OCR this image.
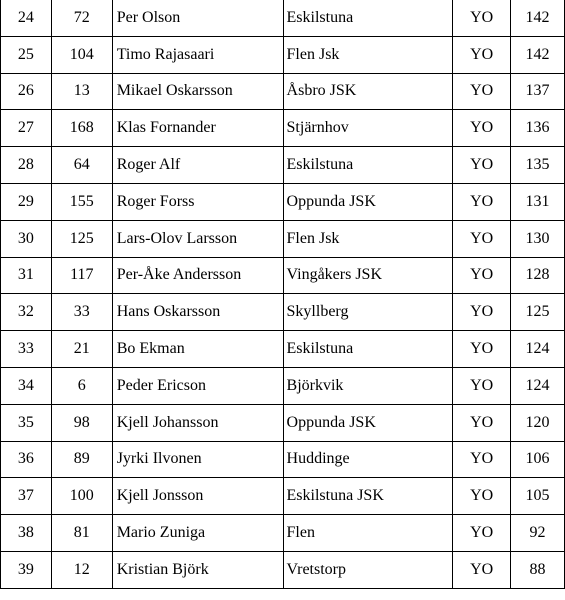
24	72	Per Olson	Eskilstuna	YO	142
25	104	Timo Rajasaari	Flen Jsk	YO	142
26	13	Mikael Oskarsson	Åsbro JSK	YO	137
27	168	Klas Fornander	Stjärnhov	YO	136
28	64	Roger Alf	Eskilstuna	YO	135
29	155	Roger Forss	Oppunda JSK	YO	131
30	125	Lars-Olov Larsson	Flen Jsk	YO	130
31	117	Per-Åke Andersson	Vingåkers JSK	YO	128
32	33	Hans Oskarsson	Skyllberg	YO	125
33	21	Bo Ekman	Eskilstuna	YO	124
34	6	Peder Ericson	Björkvik	YO	124
35	98	Kjell Johansson	Oppunda JSK	YO	120
36	89	Jyrki Ilvonen	Huddinge	YO	106
37	100	Kjell Jonsson	Eskilstuna JSK	YO	105
38	81	Mario Zuniga	Flen	YO	92
39	12	Kristian Björk	Vretstorp	YO	88
